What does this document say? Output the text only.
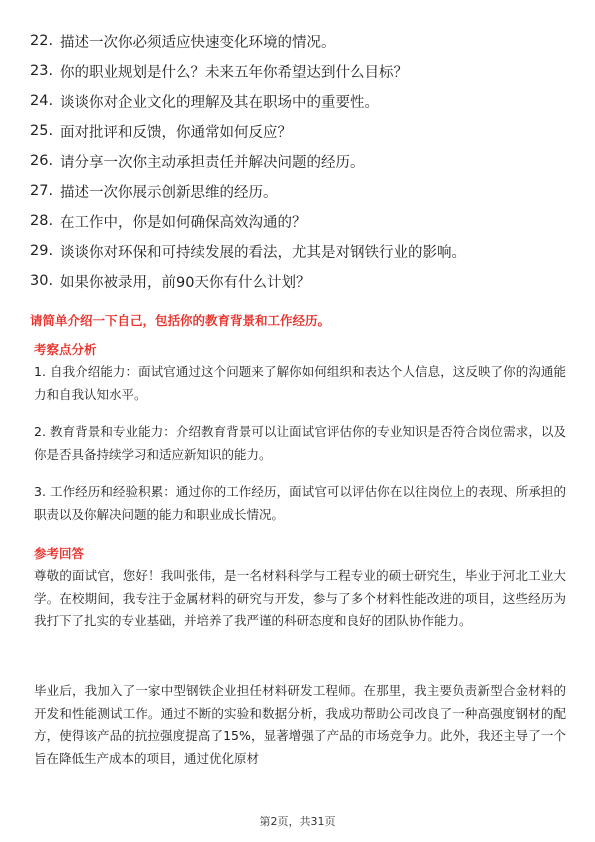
22. 描述一次你必须适应快速变化环境的情况。
23. 你的职业规划是什么？未来五年你希望达到什么目标？
24. 谈谈你对企业文化的理解及其在职场中的重要性。
25. 面对批评和反馈，你通常如何反应？
26. 请分享一次你主动承担责任并解决问题的经历。
27. 描述一次你展示创新思维的经历。
28. 在工作中，你是如何确保高效沟通的？
29. 谈谈你对环保和可持续发展的看法，尤其是对钢铁行业的影响。
30. 如果你被录用，前90天你有什么计划？
请简单介绍一下自己，包括你的教育背景和工作经历。
考察点分析
1. 自我介绍能力：面试官通过这个问题来了解你如何组织和表达个人信息，这反映了你的沟通能力和自我认知水平。
2. 教育背景和专业能力：介绍教育背景可以让面试官评估你的专业知识是否符合岗位需求，以及你是否具备持续学习和适应新知识的能力。
3. 工作经历和经验积累：通过你的工作经历，面试官可以评估你在以往岗位上的表现、所承担的职责以及你解决问题的能力和职业成长情况。
参考回答
尊敬的面试官，您好！我叫张伟，是一名材料科学与工程专业的硕士研究生，毕业于河北工业大学。在校期间，我专注于金属材料的研究与开发，参与了多个材料性能改进的项目，这些经历为我打下了扎实的专业基础，并培养了我严谨的科研态度和良好的团队协作能力。
毕业后，我加入了一家中型钢铁企业担任材料研发工程师。在那里，我主要负责新型合金材料的开发和性能测试工作。通过不断的实验和数据分析，我成功帮助公司改良了一种高强度钢材的配方，使得该产品的抗拉强度提高了15%，显著增强了产品的市场竞争力。此外，我还主导了一个旨在降低生产成本的项目，通过优化原材
第2页，共31页
